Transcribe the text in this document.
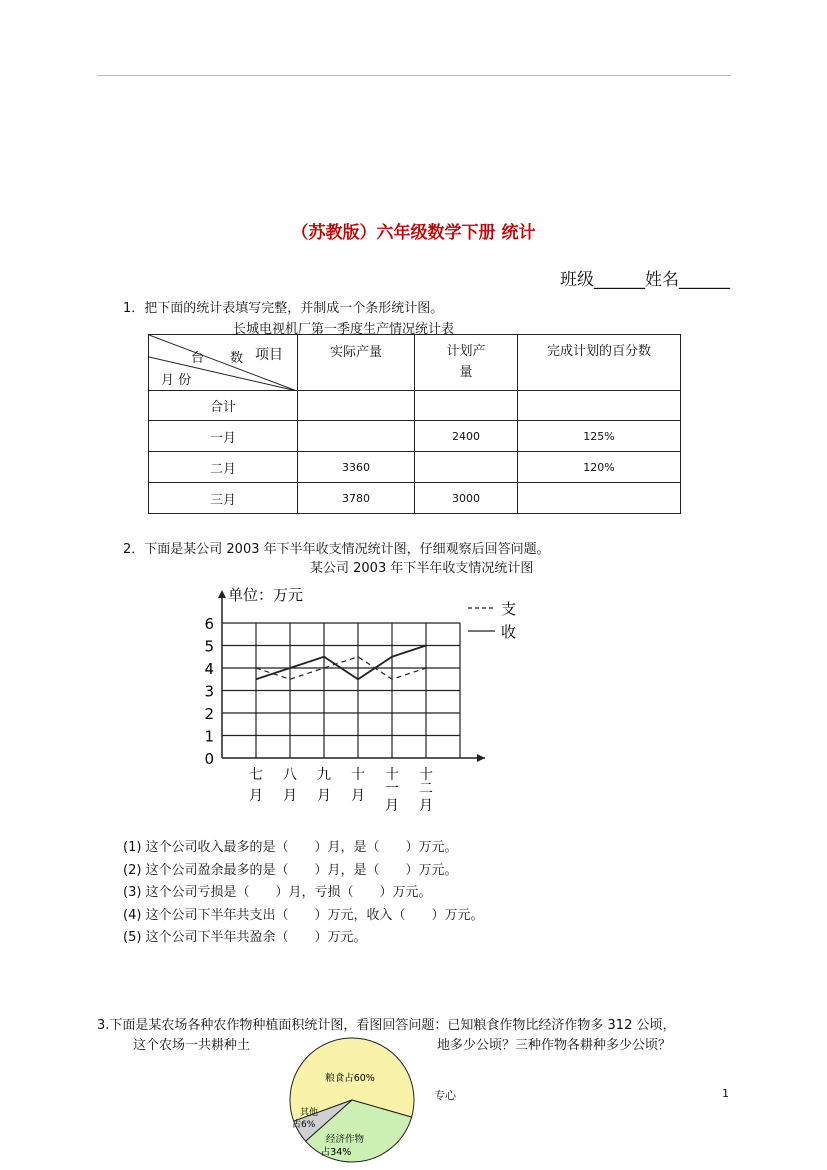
（苏教版）六年级数学下册 统计
班级______姓名______
1．把下面的统计表填写完整，并制成一个条形统计图。
长城电视机厂第一季度生产情况统计表
项目
台　　数
月 份	实际产量	计划产量	完成计划的百分数

合计			
一月		2400	125%
二月	3360		120%
三月	3780	3000	
2．下面是某公司 2003 年下半年收支情况统计图，仔细观察后回答问题。
某公司 2003 年下半年收支情况统计图
0
1
2
3
4
5
6
单位：万元
七
月
八
月
九
月
十
月
十
一
月
十
二
月
支
收
(1) 这个公司收入最多的是（　　）月，是（　　）万元。
(2) 这个公司盈余最多的是（　　）月，是（　　）万元。
(3) 这个公司亏损是（　　）月，亏损（　　）万元。
(4) 这个公司下半年共支出（　　）万元，收入（　　）万元。
(5) 这个公司下半年共盈余（　　）万元。
3.下面是某农场各种农作物种植面积统计图，看图回答问题：已知粮食作物比经济作物多 312 公顷，
这个农场一共耕种土	地多少公顷？三种作物各耕种多少公顷？
粮食占60%
经济作物
占34%
其他
占6%
专心	1
